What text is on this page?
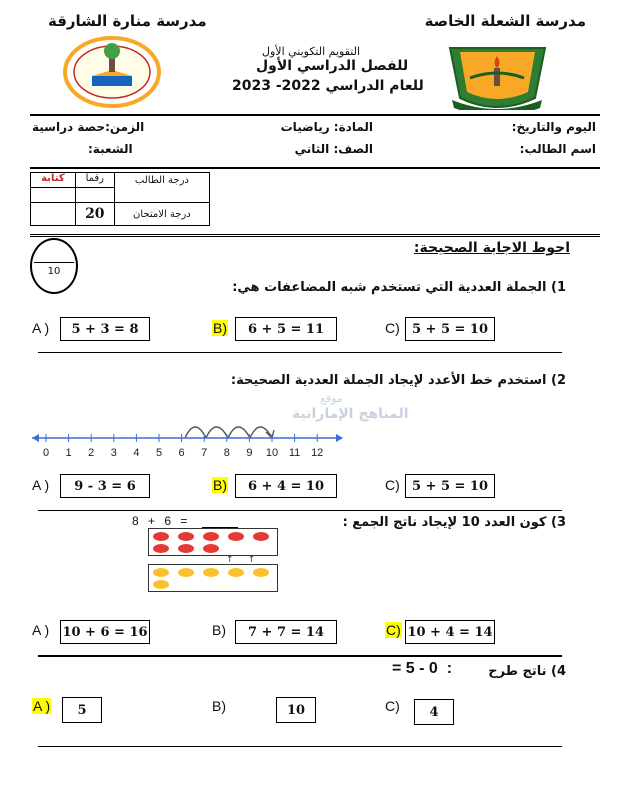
مدرسة الشعلة الخاصة
مدرسة منارة الشارقة
التقويم التكويني الأول
للفصل الدراسي الأول
للعام الدراسي 2022- 2023
اليوم والتاريخ:
المادة: رياضيات
الزمن:حصة دراسية
اسم الطالب:
الصف: الثاني
الشعبة:
كتابة	رقما	درجة الطالب

	20	درجة الامتحان
10
احوط الاجابة الصحيحة:
1) الجملة العددية التي تستخدم شبه المضاعفات هي:
A )	5 + 3 = 8	B)	6 + 5 = 11	C) 5 + 5 = 10
2) استخدم خط الأعدد لإيجاد الجملة العددية الصحيحة:
موقع
المناهج الإماراتية
0 1 2 3 4 5 6 7 8 9 10 11 12
A )	9 - 3 = 6	B)	6 + 4 = 10	C) 5 + 5 = 10
3) كون العدد 10 لإيجاد ناتج الجمع :
8 + 6 =
↑     ↑
A ) 10 + 6 = 16	B)	7 + 7 = 14	C) 10 + 4 = 14
4) ناتج طرح
= 5 - 0  :
A )	5	B)	10	C)	4
